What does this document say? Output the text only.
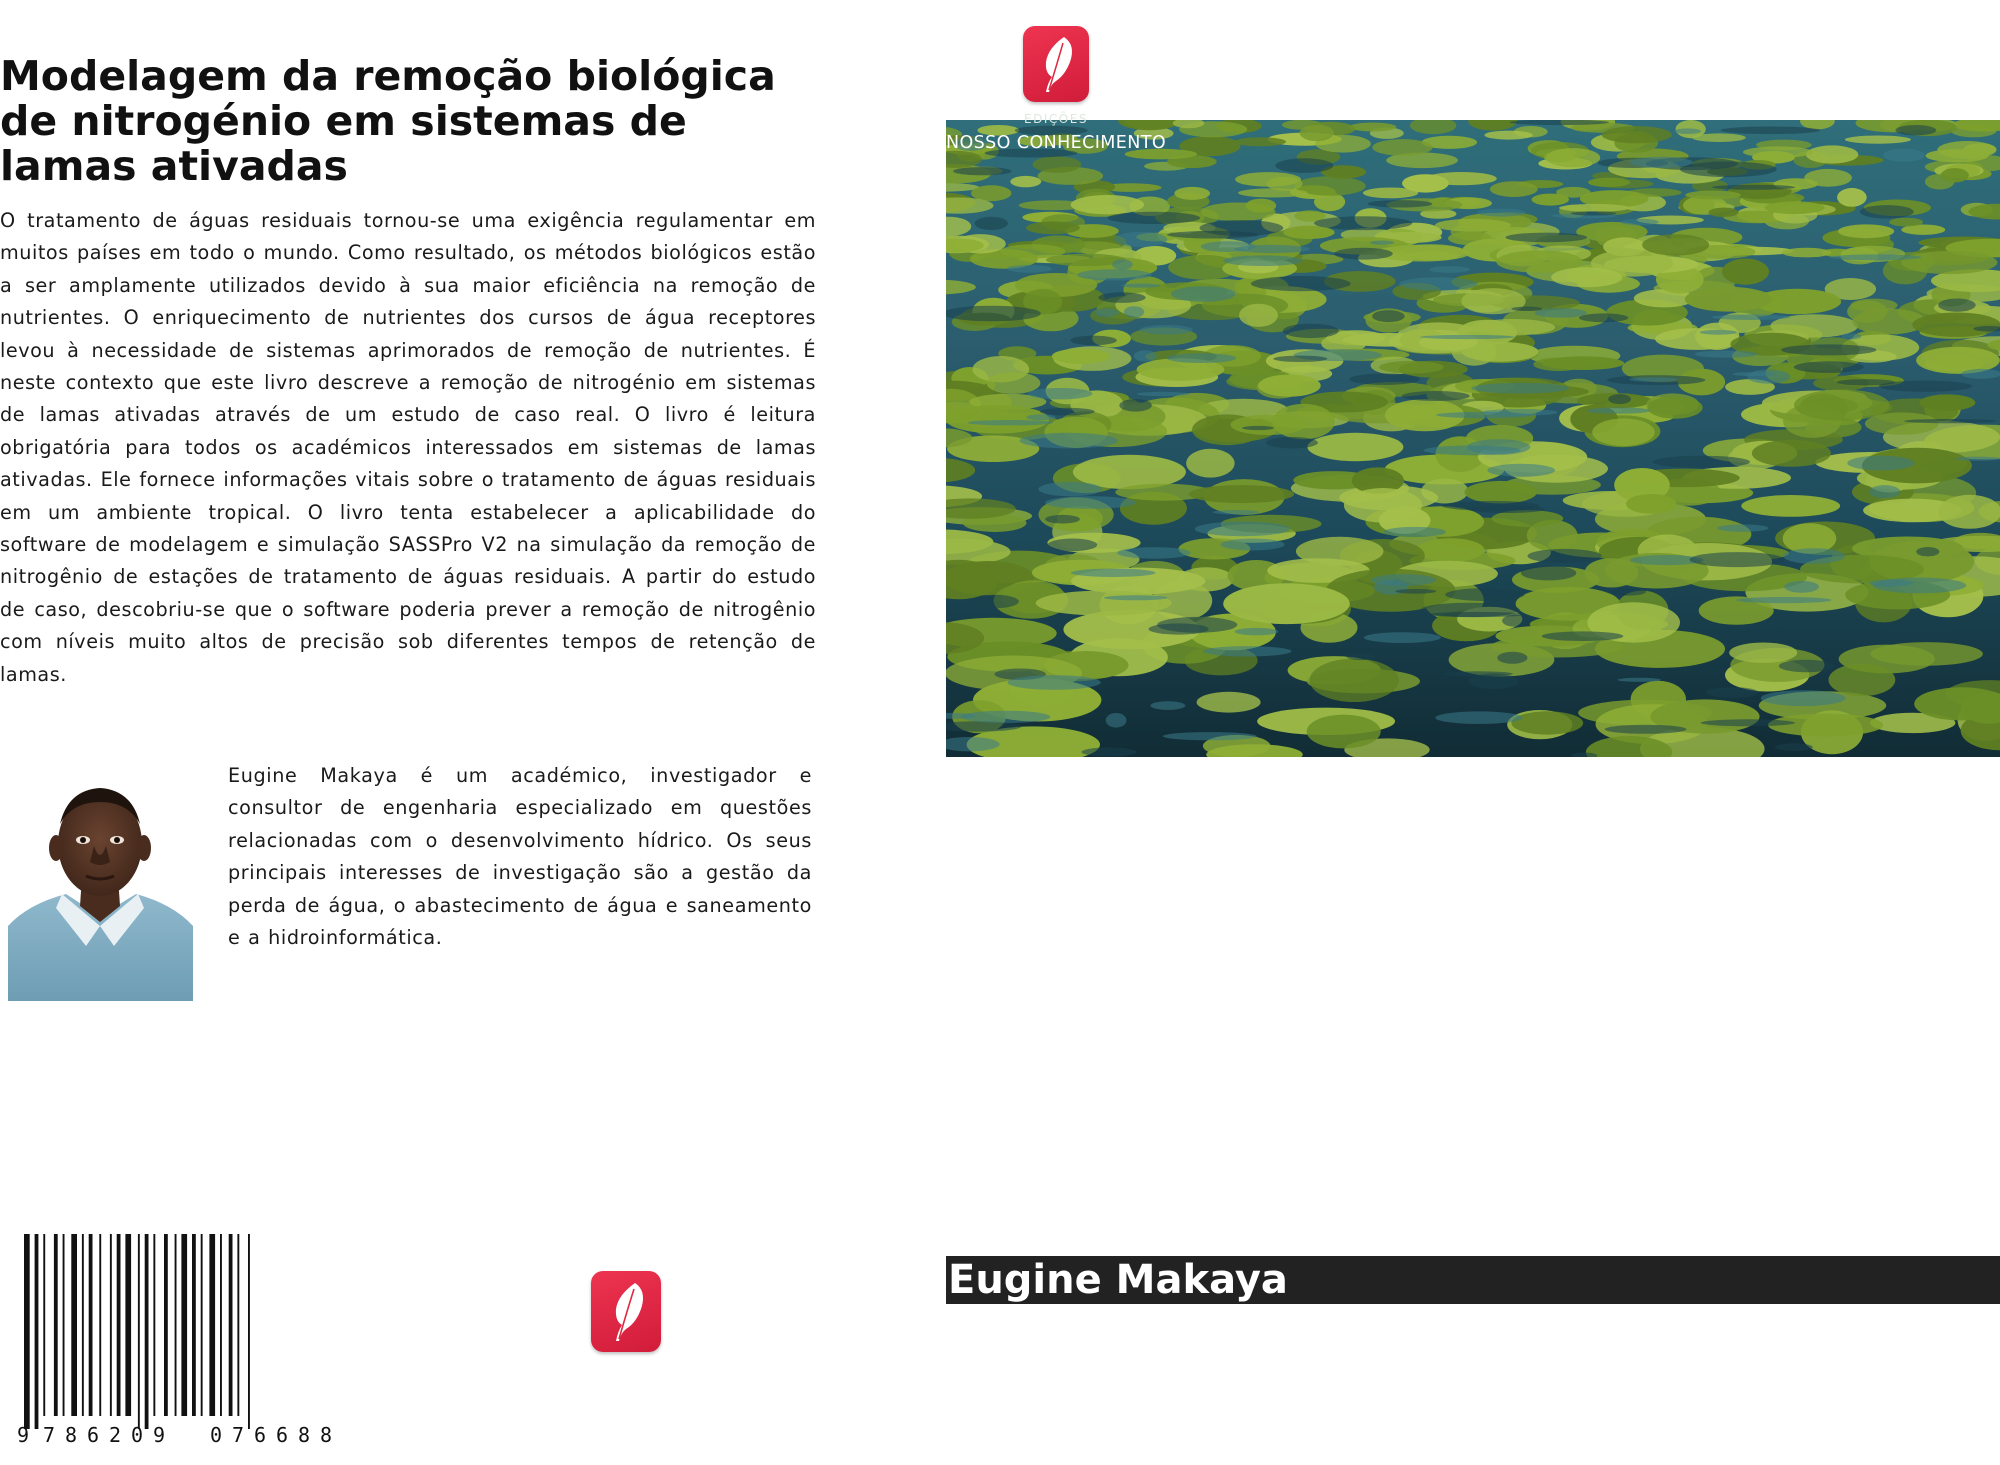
Modelagem da remoção biológica de nitrogénio em sistemas de lamas ativadas

O tratamento de águas residuais tornou-se uma exigência regulamentar em muitos países em todo o mundo. Como resultado, os métodos biológicos estão a ser amplamente utilizados devido à sua maior eficiência na remoção de nutrientes. O enriquecimento de nutrientes dos cursos de água receptores levou à necessidade de sistemas aprimorados de remoção de nutrientes. É neste contexto que este livro descreve a remoção de nitrogénio em sistemas de lamas ativadas através de um estudo de caso real. O livro é leitura obrigatória para todos os académicos interessados em sistemas de lamas ativadas. Ele fornece informações vitais sobre o tratamento de águas residuais em um ambiente tropical. O livro tenta estabelecer a aplicabilidade do software de modelagem e simulação SASSPro V2 na simulação da remoção de nitrogênio de estações de tratamento de águas residuais. A partir do estudo de caso, descobriu-se que o software poderia prever a remoção de nitrogênio com níveis muito altos de precisão sob diferentes tempos de retenção de lamas.

Eugine Makaya é um académico, investigador e consultor de engenharia especializado em questões relacionadas com o desenvolvimento hídrico. Os seus principais interesses de investigação são a gestão da perda de água, o abastecimento de água e saneamento e a hidroinformática.

9 7 8 6 2 0 9 0 7 6 6 8 8
EDIÇÕES
NOSSO CONHECIMENTO
Eugine Makaya
